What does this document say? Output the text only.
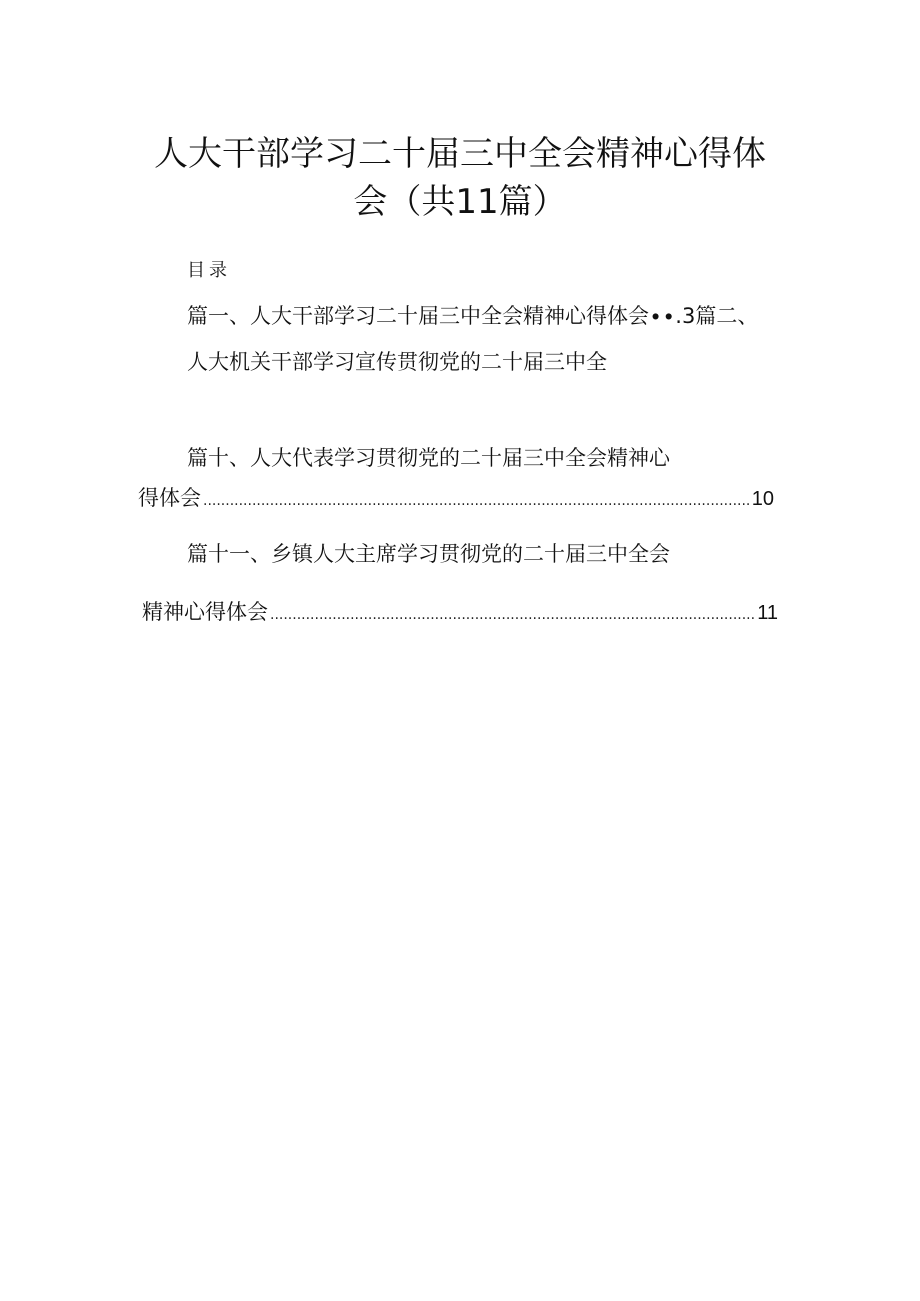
人大干部学习二十届三中全会精神心得体
会（共11篇）
目录
篇一、人大干部学习二十届三中全会精神心得体会∙∙.3篇二、
人大机关干部学习宣传贯彻党的二十届三中全
篇十、人大代表学习贯彻党的二十届三中全会精神心
得体会 .....	10
篇十一、乡镇人大主席学习贯彻党的二十届三中全会
精神心得体会 .....	11
